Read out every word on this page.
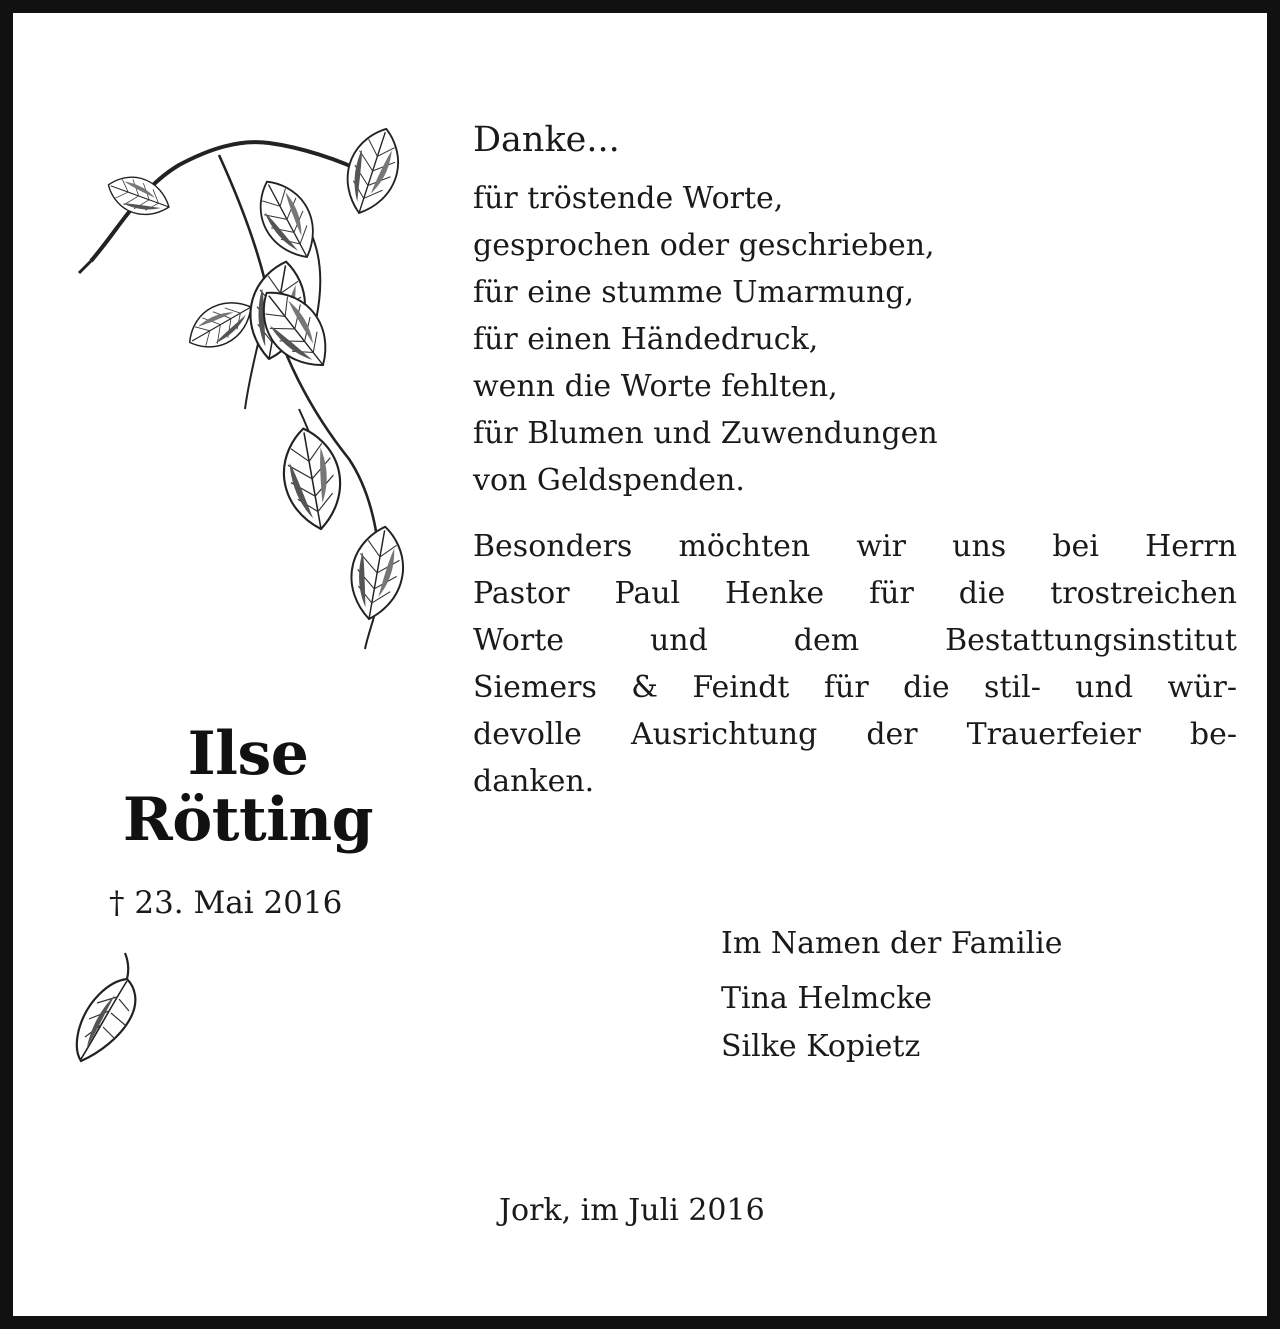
Ilse
Rötting
† 23. Mai 2016
Danke...
für tröstende Worte,
gesprochen oder geschrieben,
für eine stumme Umarmung,
für einen Händedruck,
wenn die Worte fehlten,
für Blumen und Zuwendungen
von Geldspenden.
Besonders möchten wir uns bei Herrn
Pastor Paul Henke für die trostreichen
Worte und dem Bestattungsinstitut
Siemers & Feindt für die stil- und wür-
devolle Ausrichtung der Trauerfeier be-
danken.
Im Namen der Familie
Tina Helmcke
Silke Kopietz
Jork, im Juli 2016
